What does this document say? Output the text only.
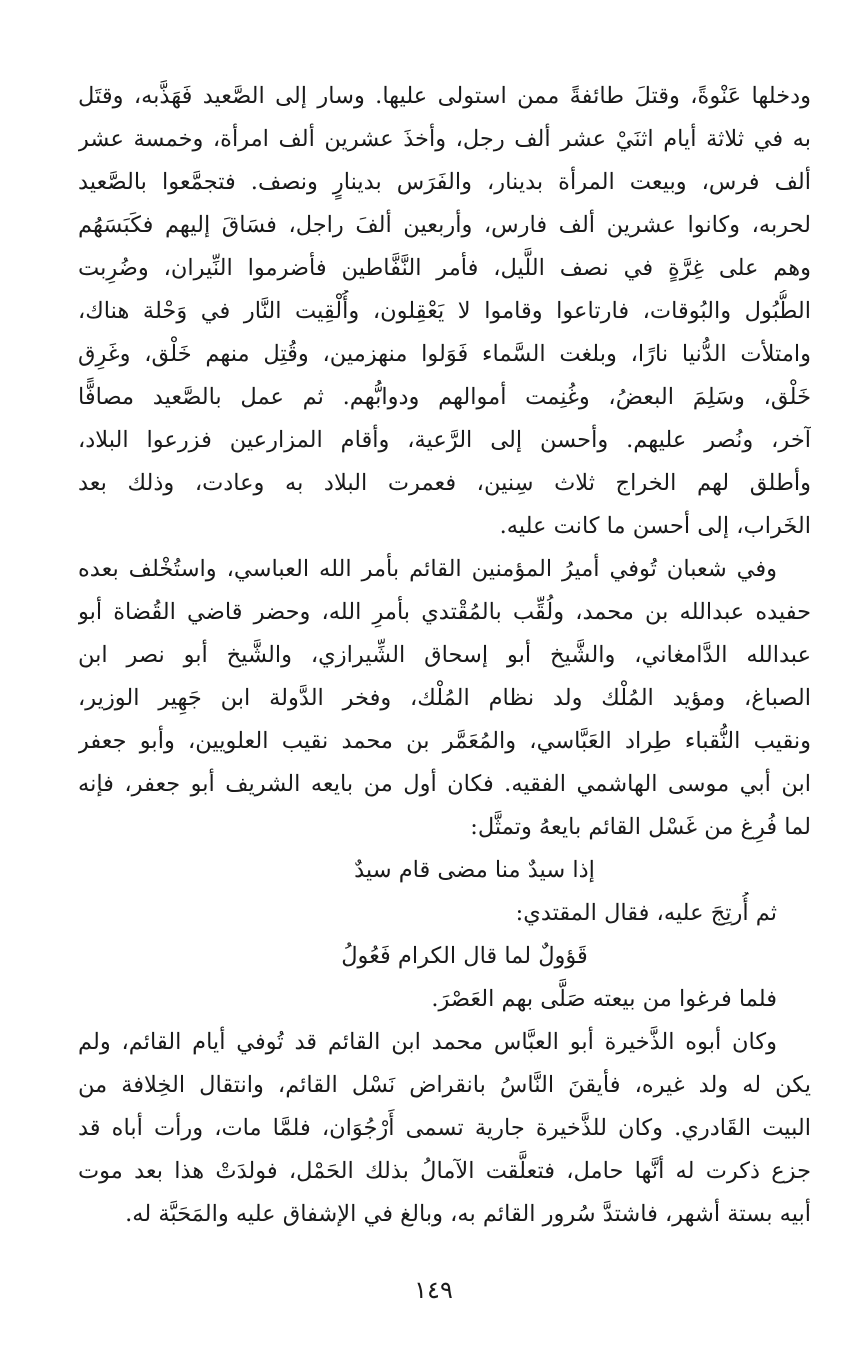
ودخلها عَنْوةً، وقتلَ طائفةً ممن استولى عليها. وسار إلى الصَّعيد فَهَذَّبه، وقتَل
به في ثلاثة أيام اثنَيْ عشر ألف رجل، وأخذَ عشرين ألف امرأة، وخمسة عشر
ألف فرس، وبيعت المرأة بدينار، والفَرَس بدينارٍ ونصف. فتجمَّعوا بالصَّعيد
لحربه، وكانوا عشرين ألف فارس، وأربعين ألفَ راجل، فسَاقَ إليهم فكَبَسَهُم
وهم على غِرَّةٍ في نصف اللَّيل، فأمر النَّفَّاطين فأضرموا النِّيران، وضُرِبت
الطُّبُول والبُوقات، فارتاعوا وقاموا لا يَعْقِلون، وأُلْقِيت النَّار في وَحْلة هناك،
وامتلأت الدُّنيا نارًا، وبلغت السَّماء فَوَلوا منهزمين، وقُتِل منهم خَلْق، وغَرِق
خَلْق، وسَلِمَ البعضُ، وغُنِمت أموالهم ودوابُّهم. ثم عمل بالصَّعيد مصافًّا
آخر، ونُصر عليهم. وأحسن إلى الرَّعية، وأقام المزارعين فزرعوا البلاد،
وأطلق لهم الخراج ثلاث سِنين، فعمرت البلاد به وعادت، وذلك بعد
الخَراب، إلى أحسن ما كانت عليه.
وفي شعبان تُوفي أميرُ المؤمنين القائم بأمر الله العباسي، واستُخْلف بعده
حفيده عبدالله بن محمد، ولُقِّب بالمُقْتدي بأمرِ الله، وحضر قاضي القُضاة أبو
عبدالله الدَّامغاني، والشَّيخ أبو إسحاق الشِّيرازي، والشَّيخ أبو نصر ابن
الصباغ، ومؤيد المُلْك ولد نظام المُلْك، وفخر الدَّولة ابن جَهِير الوزير،
ونقيب النُّقباء طِراد العَبَّاسي، والمُعَمَّر بن محمد نقيب العلويين، وأبو جعفر
ابن أبي موسى الهاشمي الفقيه. فكان أول من بايعه الشريف أبو جعفر، فإنه
لما فُرِغ من غَسْل القائم بايعهُ وتمثَّل:
إذا سيدٌ منا مضى قام سيدٌ
ثم أُرتِجَ عليه، فقال المقتدي:
قَؤولٌ لما قال الكرام فَعُولُ
فلما فرغوا من بيعته صَلَّى بهم العَصْرَ.
وكان أبوه الذَّخيرة أبو العبَّاس محمد ابن القائم قد تُوفي أيام القائم، ولم
يكن له ولد غيره، فأيقنَ النَّاسُ بانقراض نَسْل القائم، وانتقال الخِلافة من
البيت القَادري. وكان للذَّخيرة جارية تسمى أَرْجُوَان، فلمَّا مات، ورأت أباه قد
جزع ذكرت له أنَّها حامل، فتعلَّقت الآمالُ بذلك الحَمْل، فولدَتْ هذا بعد موت
أبيه بستة أشهر، فاشتدَّ سُرور القائم به، وبالغ في الإشفاق عليه والمَحَبَّة له.
١٤٩
